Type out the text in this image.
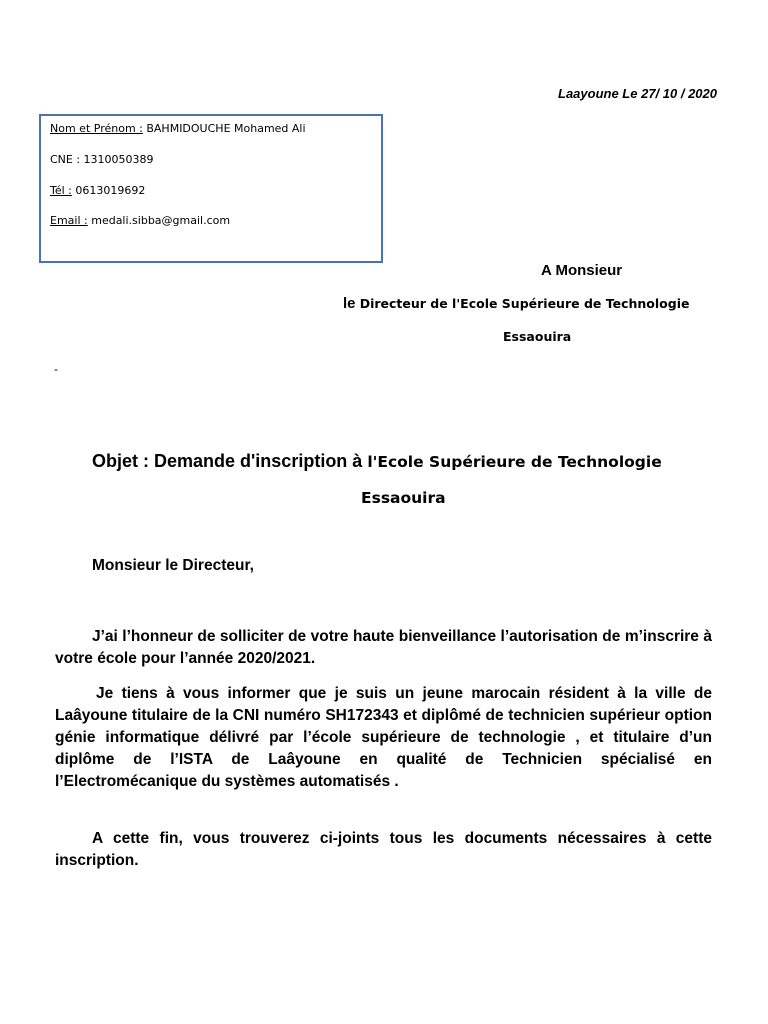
Laayoune Le 27/ 10 / 2020
Nom et Prénom : BAHMIDOUCHE Mohamed Ali
CNE : 1310050389
Tél : 0613019692
Email : medali.sibba@gmail.com
A Monsieur
le Directeur de l'Ecole Supérieure de Technologie
Essaouira
-
Objet : Demande d'inscription à l'Ecole Supérieure de Technologie
Essaouira
Monsieur le Directeur,

J’ai l’honneur de solliciter de votre haute bienveillance l’autorisation de m’inscrire à votre école pour l’année 2020/2021.

Je tiens à vous informer que je suis un jeune marocain résident à la ville de Laâyoune titulaire de la CNI numéro SH172343 et diplômé de technicien supérieur option génie informatique délivré par l’école supérieure de technologie , et titulaire d’un diplôme de l’ISTA de Laâyoune en qualité de Technicien spécialisé en l’Electromécanique du systèmes automatisés .

A cette fin, vous trouverez ci-joints tous les documents nécessaires à cette inscription.
